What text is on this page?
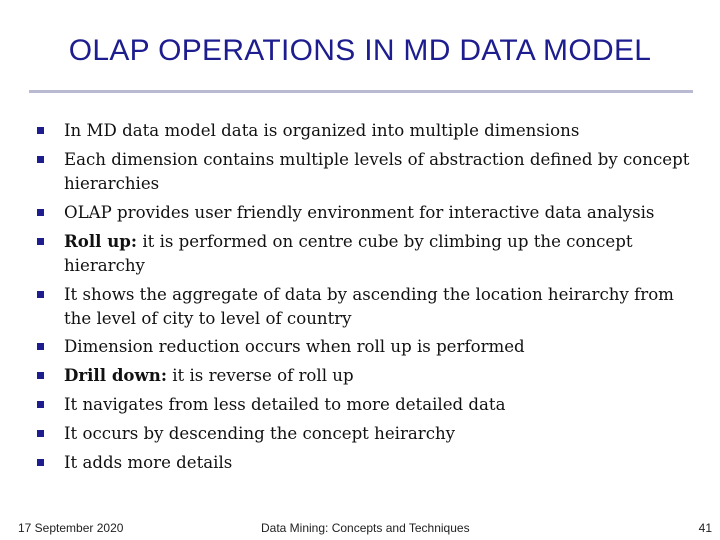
OLAP OPERATIONS IN MD DATA MODEL
In MD data model data is organized into multiple dimensions
Each dimension contains multiple levels of abstraction defined by concept hierarchies
OLAP provides user friendly environment for interactive data analysis
Roll up: it is performed on centre cube by climbing up the concept hierarchy
It shows the aggregate of data by ascending the location heirarchy from the level of city to level of country
Dimension reduction occurs when roll up is performed
Drill down: it is reverse of roll up
It navigates from less detailed to more detailed data
It occurs by descending the concept heirarchy
It adds more details
17 September 2020	Data Mining: Concepts and Techniques	41
